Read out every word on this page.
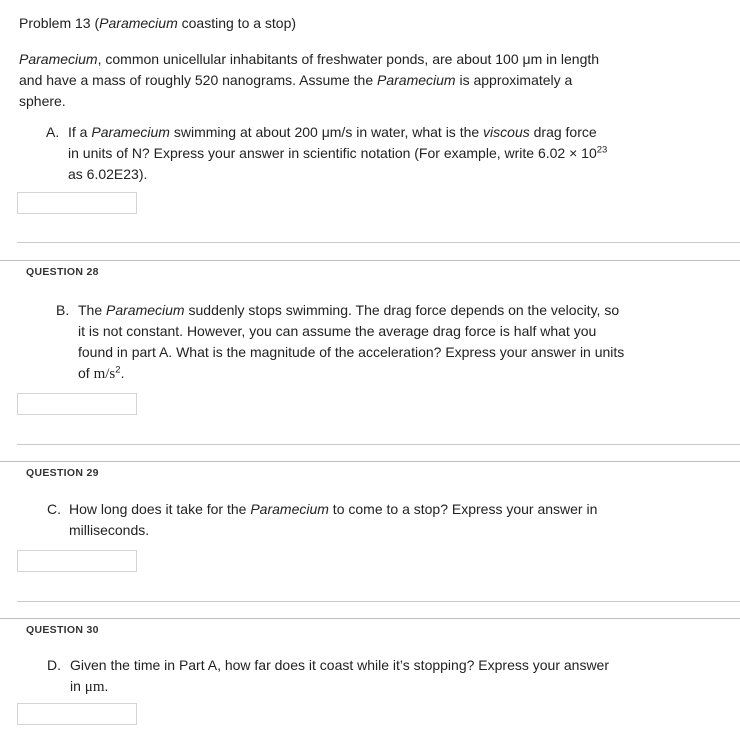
Problem 13 (Paramecium coasting to a stop)
Paramecium, common unicellular inhabitants of freshwater ponds, are about 100 μm in length
and have a mass of roughly 520 nanograms. Assume the Paramecium is approximately a
sphere.
A. If a Paramecium swimming at about 200 μm/s in water, what is the viscous drag force
in units of N? Express your answer in scientific notation (For example, write $6.02 \times 10^{23}$
as 6.02E23).
QUESTION 28
B. The Paramecium suddenly stops swimming. The drag force depends on the velocity, so
it is not constant. However, you can assume the average drag force is half what you
found in part A. What is the magnitude of the acceleration? Express your answer in units
of $m/s^2$.
QUESTION 29
C. How long does it take for the Paramecium to come to a stop? Express your answer in
milliseconds.
QUESTION 30
D. Given the time in Part A, how far does it coast while it’s stopping? Express your answer
in μm.
